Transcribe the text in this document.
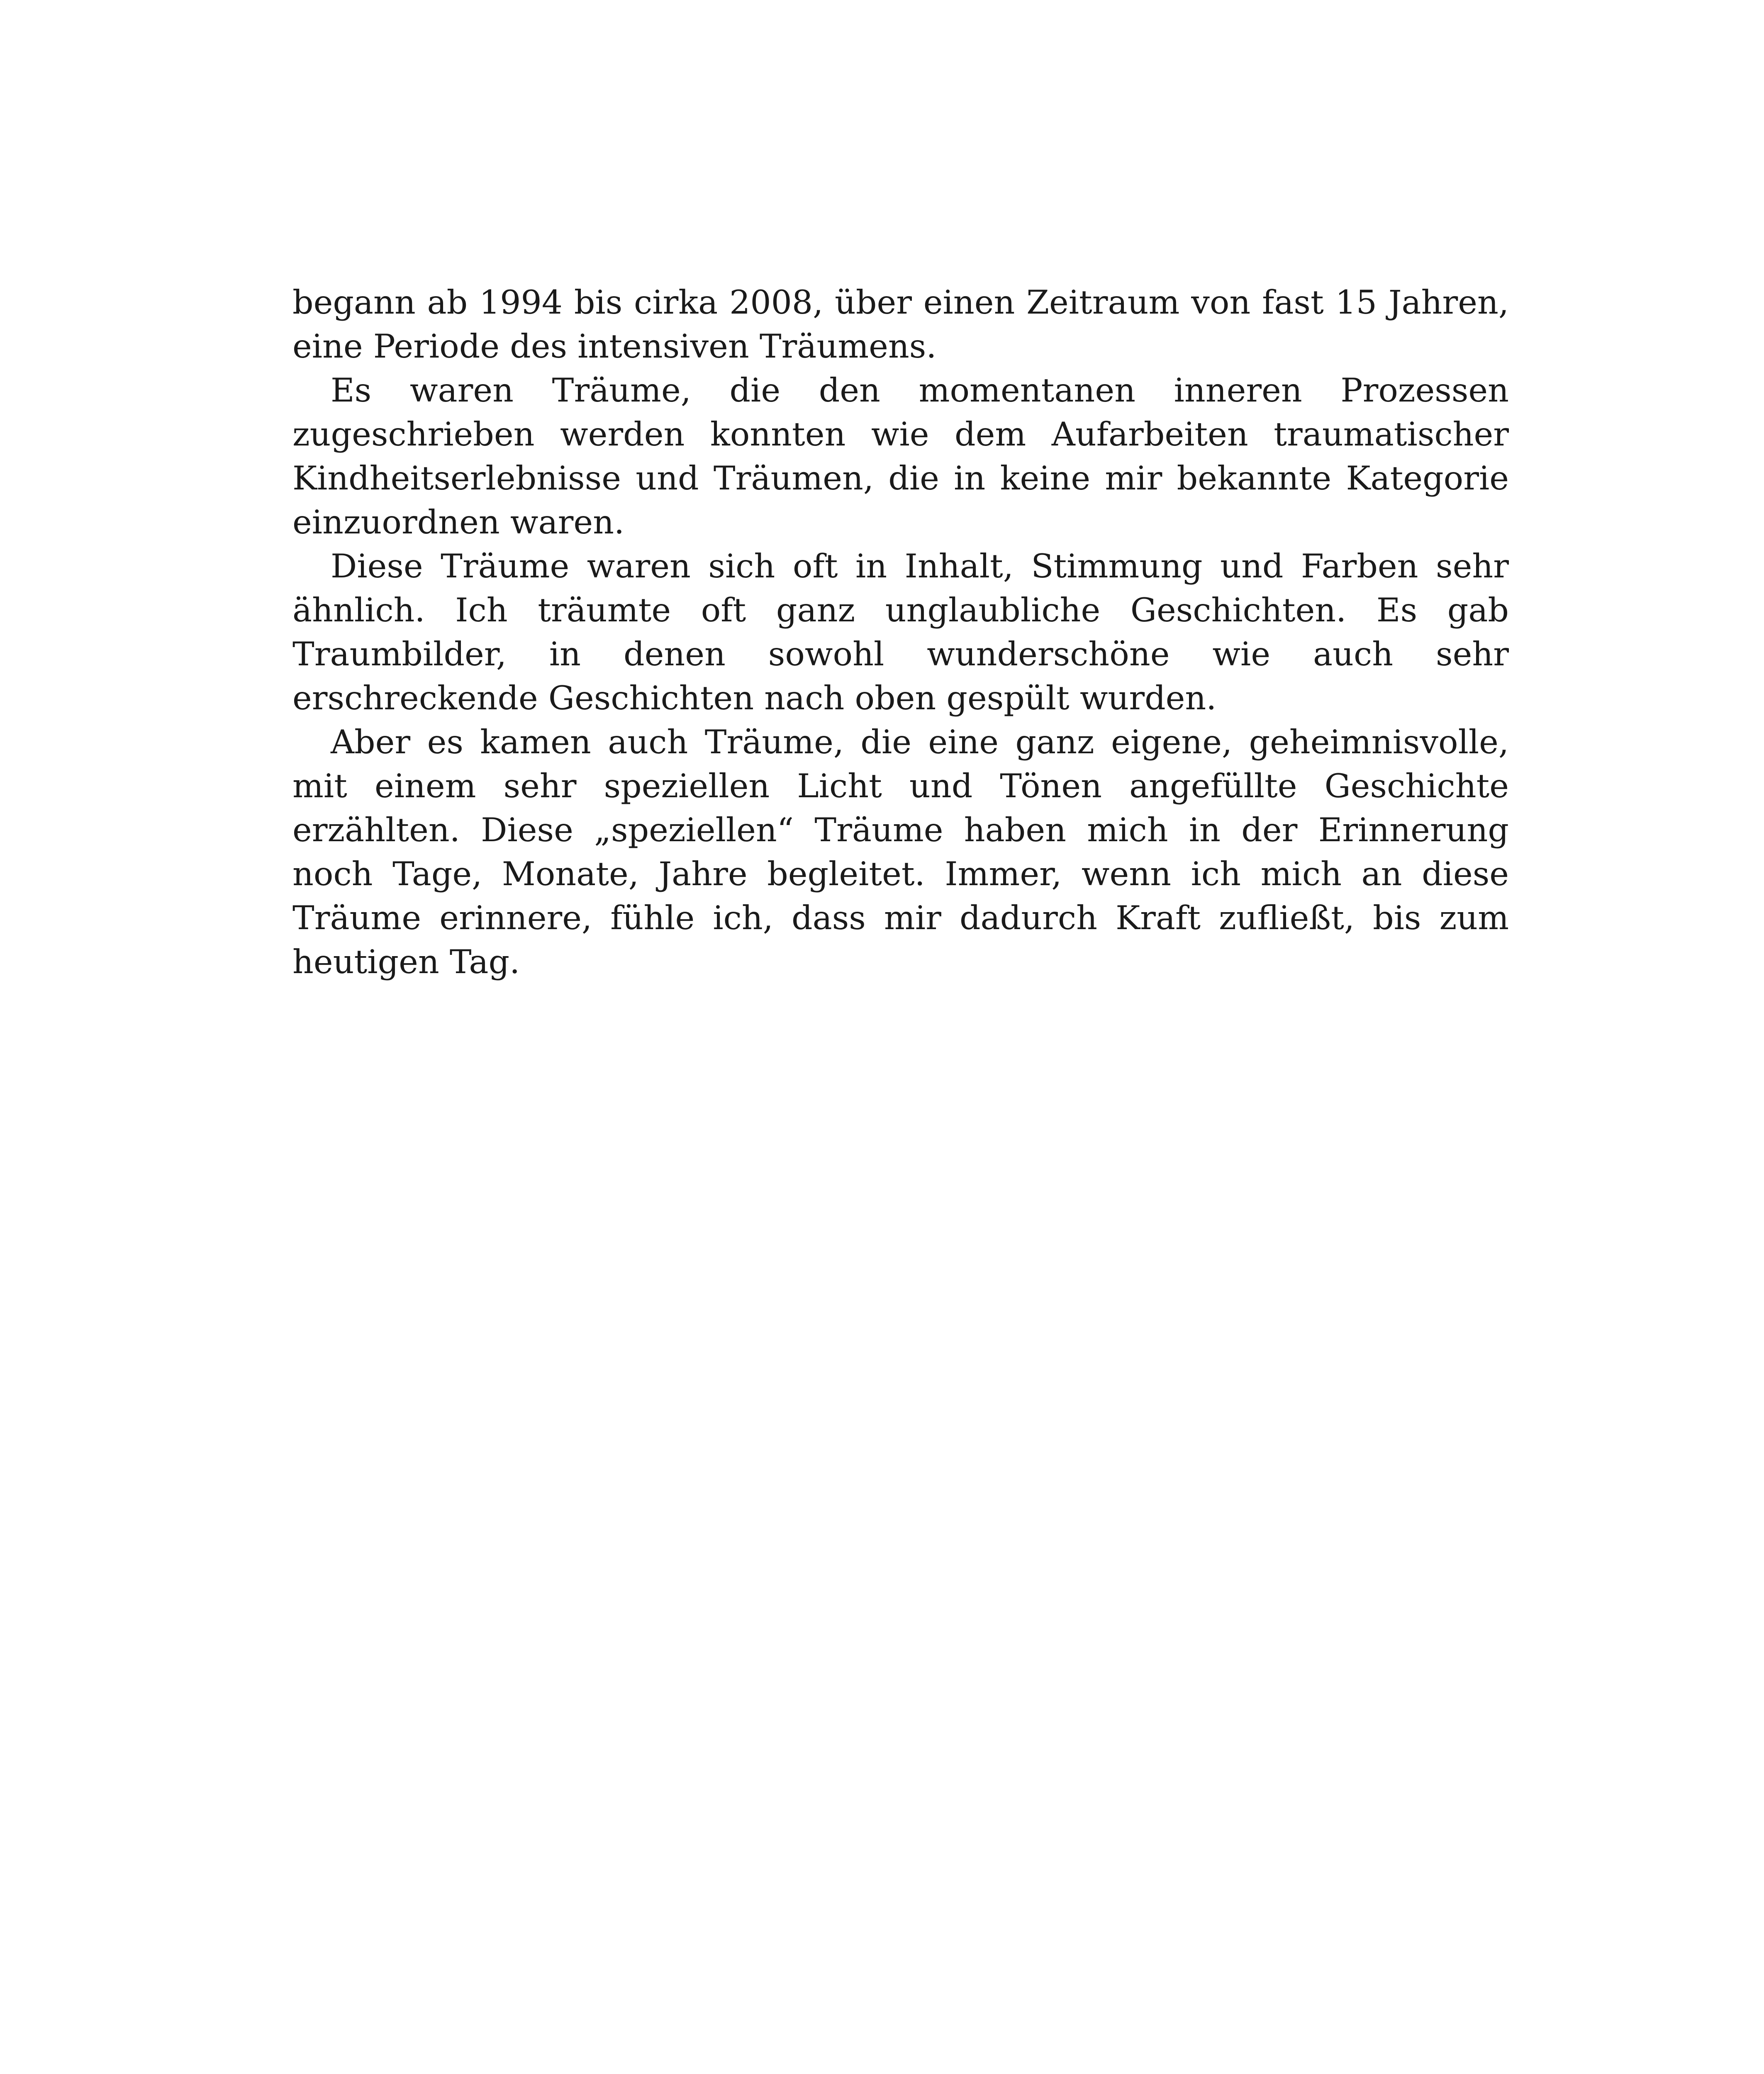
begann ab 1994 bis cirka 2008, über einen Zeitraum von fast 15 Jahren, eine Periode des intensiven Träumens.

Es waren Träume, die den momentanen inneren Prozessen zugeschrieben werden konnten wie dem Aufarbeiten traumatischer Kindheitserlebnisse und Träumen, die in keine mir bekannte Kategorie einzuordnen waren.

Diese Träume waren sich oft in Inhalt, Stimmung und Farben sehr ähnlich. Ich träumte oft ganz unglaubliche Geschichten. Es gab Traumbilder, in denen sowohl wunderschöne wie auch sehr erschreckende Geschichten nach oben gespült wurden.

Aber es kamen auch Träume, die eine ganz eigene, geheimnisvolle, mit einem sehr speziellen Licht und Tönen angefüllte Geschichte erzählten. Diese „speziellen“ Träume haben mich in der Erinnerung noch Tage, Monate, Jahre begleitet. Immer, wenn ich mich an diese Träume erinnere, fühle ich, dass mir dadurch Kraft zufließt, bis zum heutigen Tag.
